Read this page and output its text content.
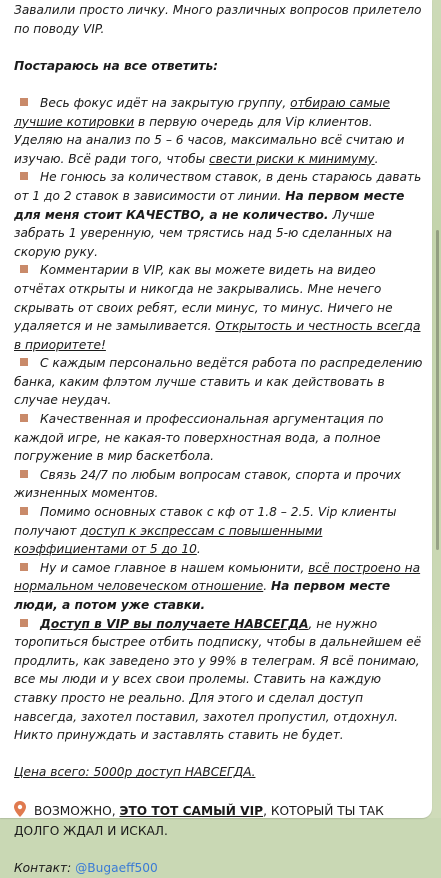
Завалили просто личку. Много различных вопросов прилетело по поводу VIP.

Постараюсь на все ответить:

Весь фокус идёт на закрытую группу, отбираю самые лучшие котировки в первую очередь для Vip клиентов. Уделяю на анализ по 5 – 6 часов, максимально всё считаю и изучаю. Всё ради того, чтобы свести риски к минимуму.

Не гонюсь за количеством ставок, в день стараюсь давать от 1 до 2 ставок в зависимости от линии. На первом месте для меня стоит КАЧЕСТВО, а не количество. Лучше забрать 1 уверенную, чем трястись над 5-ю сделанных на скорую руку.

Комментарии в VIP, как вы можете видеть на видео отчётах открыты и никогда не закрывались. Мне нечего скрывать от своих ребят, если минус, то минус. Ничего не удаляется и не замыливается. Открытость и честность всегда в приоритете!

С каждым персонально ведётся работа по распределению банка, каким флэтом лучше ставить и как действовать в случае неудач.

Качественная и профессиональная аргументация по каждой игре, не какая-то поверхностная вода, а полное погружение в мир баскетбола.

Связь 24/7 по любым вопросам ставок, спорта и прочих жизненных моментов.

Помимо основных ставок с кф от 1.8 – 2.5. Vip клиенты получают доступ к экспрессам с повышенными коэффициентами от 5 до 10.

Ну и самое главное в нашем комьюнити, всё построено на нормальном человеческом отношение. На первом месте люди, а потом уже ставки.

Доступ в VIP вы получаете НАВСЕГДА, не нужно торопиться быстрее отбить подписку, чтобы в дальнейшем её продлить, как заведено это у 99% в телеграм. Я всё понимаю, все мы люди и у всех свои пролемы. Ставить на каждую ставку просто не реально. Для этого и сделал доступ навсегда, захотел поставил, захотел пропустил, отдохнул. Никто принуждать и заставлять ставить не будет.

Цена всего: 5000р доступ НАВСЕГДА.

ВОЗМОЖНО, ЭТО ТОТ САМЫЙ VIP, КОТОРЫЙ ТЫ ТАК ДОЛГО ЖДАЛ И ИСКАЛ.

Контакт: @Bugaeff500
